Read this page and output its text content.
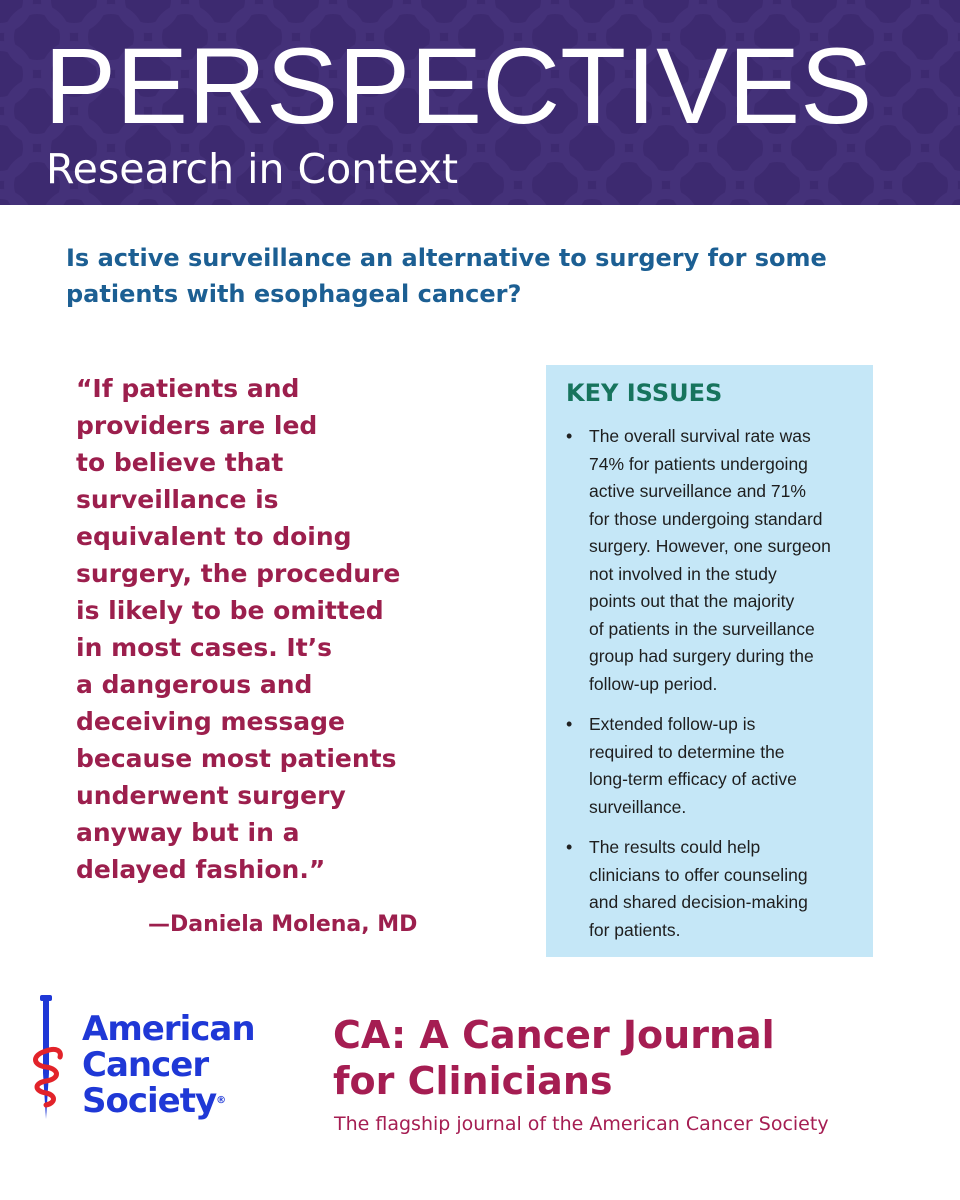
PERSPECTIVES
Research in Context
Is active surveillance an alternative to surgery for some patients with esophageal cancer?
“If patients and
providers are led
to believe that
surveillance is
equivalent to doing
surgery, the procedure
is likely to be omitted
in most cases. It’s
a dangerous and
deceiving message
because most patients
underwent surgery
anyway but in a
delayed fashion.”
—Daniela Molena, MD
KEY ISSUES
• The overall survival rate was
74% for patients undergoing
active surveillance and 71%
for those undergoing standard
surgery. However, one surgeon
not involved in the study
points out that the majority
of patients in the surveillance
group had surgery during the
follow-up period.
• Extended follow-up is
required to determine the
long-term efficacy of active
surveillance.
• The results could help
clinicians to offer counseling
and shared decision-making
for patients.
American
Cancer
Society®
CA: A Cancer Journal
for Clinicians
The flagship journal of the American Cancer Society
